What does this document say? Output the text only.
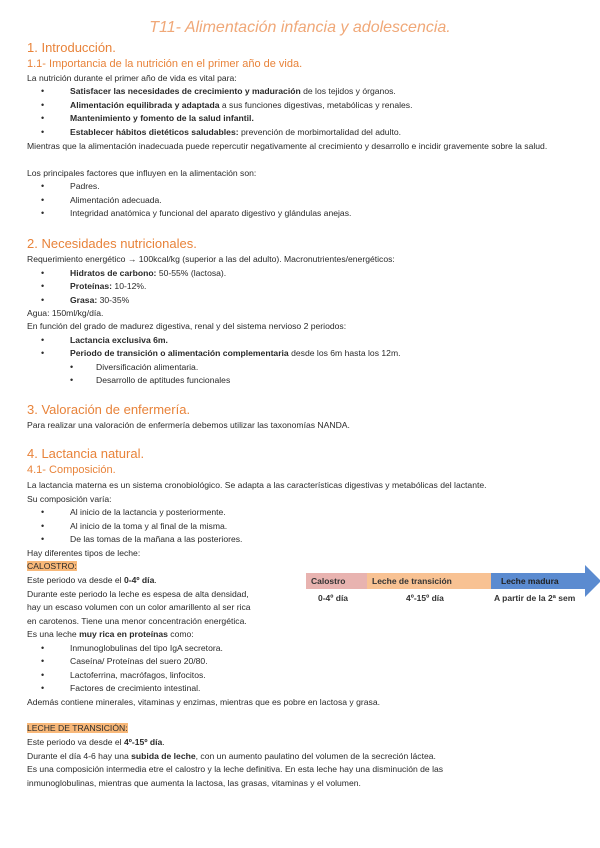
T11- Alimentación infancia y adolescencia.
1. Introducción.
1.1- Importancia de la nutrición en el primer año de vida.
La nutrición durante el primer año de vida es vital para:
• Satisfacer las necesidades de crecimiento y maduración de los tejidos y órganos.
• Alimentación equilibrada y adaptada a sus funciones digestivas, metabólicas y renales.
• Mantenimiento y fomento de la salud infantil.
• Establecer hábitos dietéticos saludables: prevención de morbimortalidad del adulto.
Mientras que la alimentación inadecuada puede repercutir negativamente al crecimiento y desarrollo e incidir gravemente sobre la salud.
Los principales factores que influyen en la alimentación son:
• Padres.
• Alimentación adecuada.
• Integridad anatómica y funcional del aparato digestivo y glándulas anejas.
2. Necesidades nutricionales.
Requerimiento energético → 100kcal/kg (superior a las del adulto). Macronutrientes/energéticos:
• Hidratos de carbono: 50-55% (lactosa).
• Proteínas: 10-12%.
• Grasa: 30-35%
Agua: 150ml/kg/día.
En función del grado de madurez digestiva, renal y del sistema nervioso 2 periodos:
• Lactancia exclusiva 6m.
• Periodo de transición o alimentación complementaria desde los 6m hasta los 12m.
• Diversificación alimentaria.
• Desarrollo de aptitudes funcionales
3. Valoración de enfermería.
Para realizar una valoración de enfermería debemos utilizar las taxonomías NANDA.
4. Lactancia natural.
4.1- Composición.
La lactancia materna es un sistema cronobiológico. Se adapta a las características digestivas y metabólicas del lactante.
Su composición varía:
• Al inicio de la lactancia y posteriormente.
• Al inicio de la toma y al final de la misma.
• De las tomas de la mañana a las posteriores.
Hay diferentes tipos de leche:
CALOSTRO:
Este periodo va desde el 0-4º día.
Durante este periodo la leche es espesa de alta densidad,
hay un escaso volumen con un color amarillento al ser rica
en carotenos. Tiene una menor concentración energética.
Es una leche muy rica en proteínas como:
• Inmunoglobulinas del tipo IgA secretora.
• Caseína/ Proteínas del suero 20/80.
• Lactoferrina, macrófagos, linfocitos.
• Factores de crecimiento intestinal.
Además contiene minerales, vitaminas y enzimas, mientras que es pobre en lactosa y grasa.
LECHE DE TRANSICIÓN:
Este periodo va desde el 4º-15º día.
Durante el día 4-6 hay una subida de leche, con un aumento paulatino del volumen de la secreción láctea.
Es una composición intermedia etre el calostro y la leche definitiva. En esta leche hay una disminución de las
inmunoglobulinas, mientras que aumenta la lactosa, las grasas, vitaminas y el volumen.
Calostro	Leche de transición	Leche madura
0-4º día	4º-15º día	A partir de la 2ª sem
